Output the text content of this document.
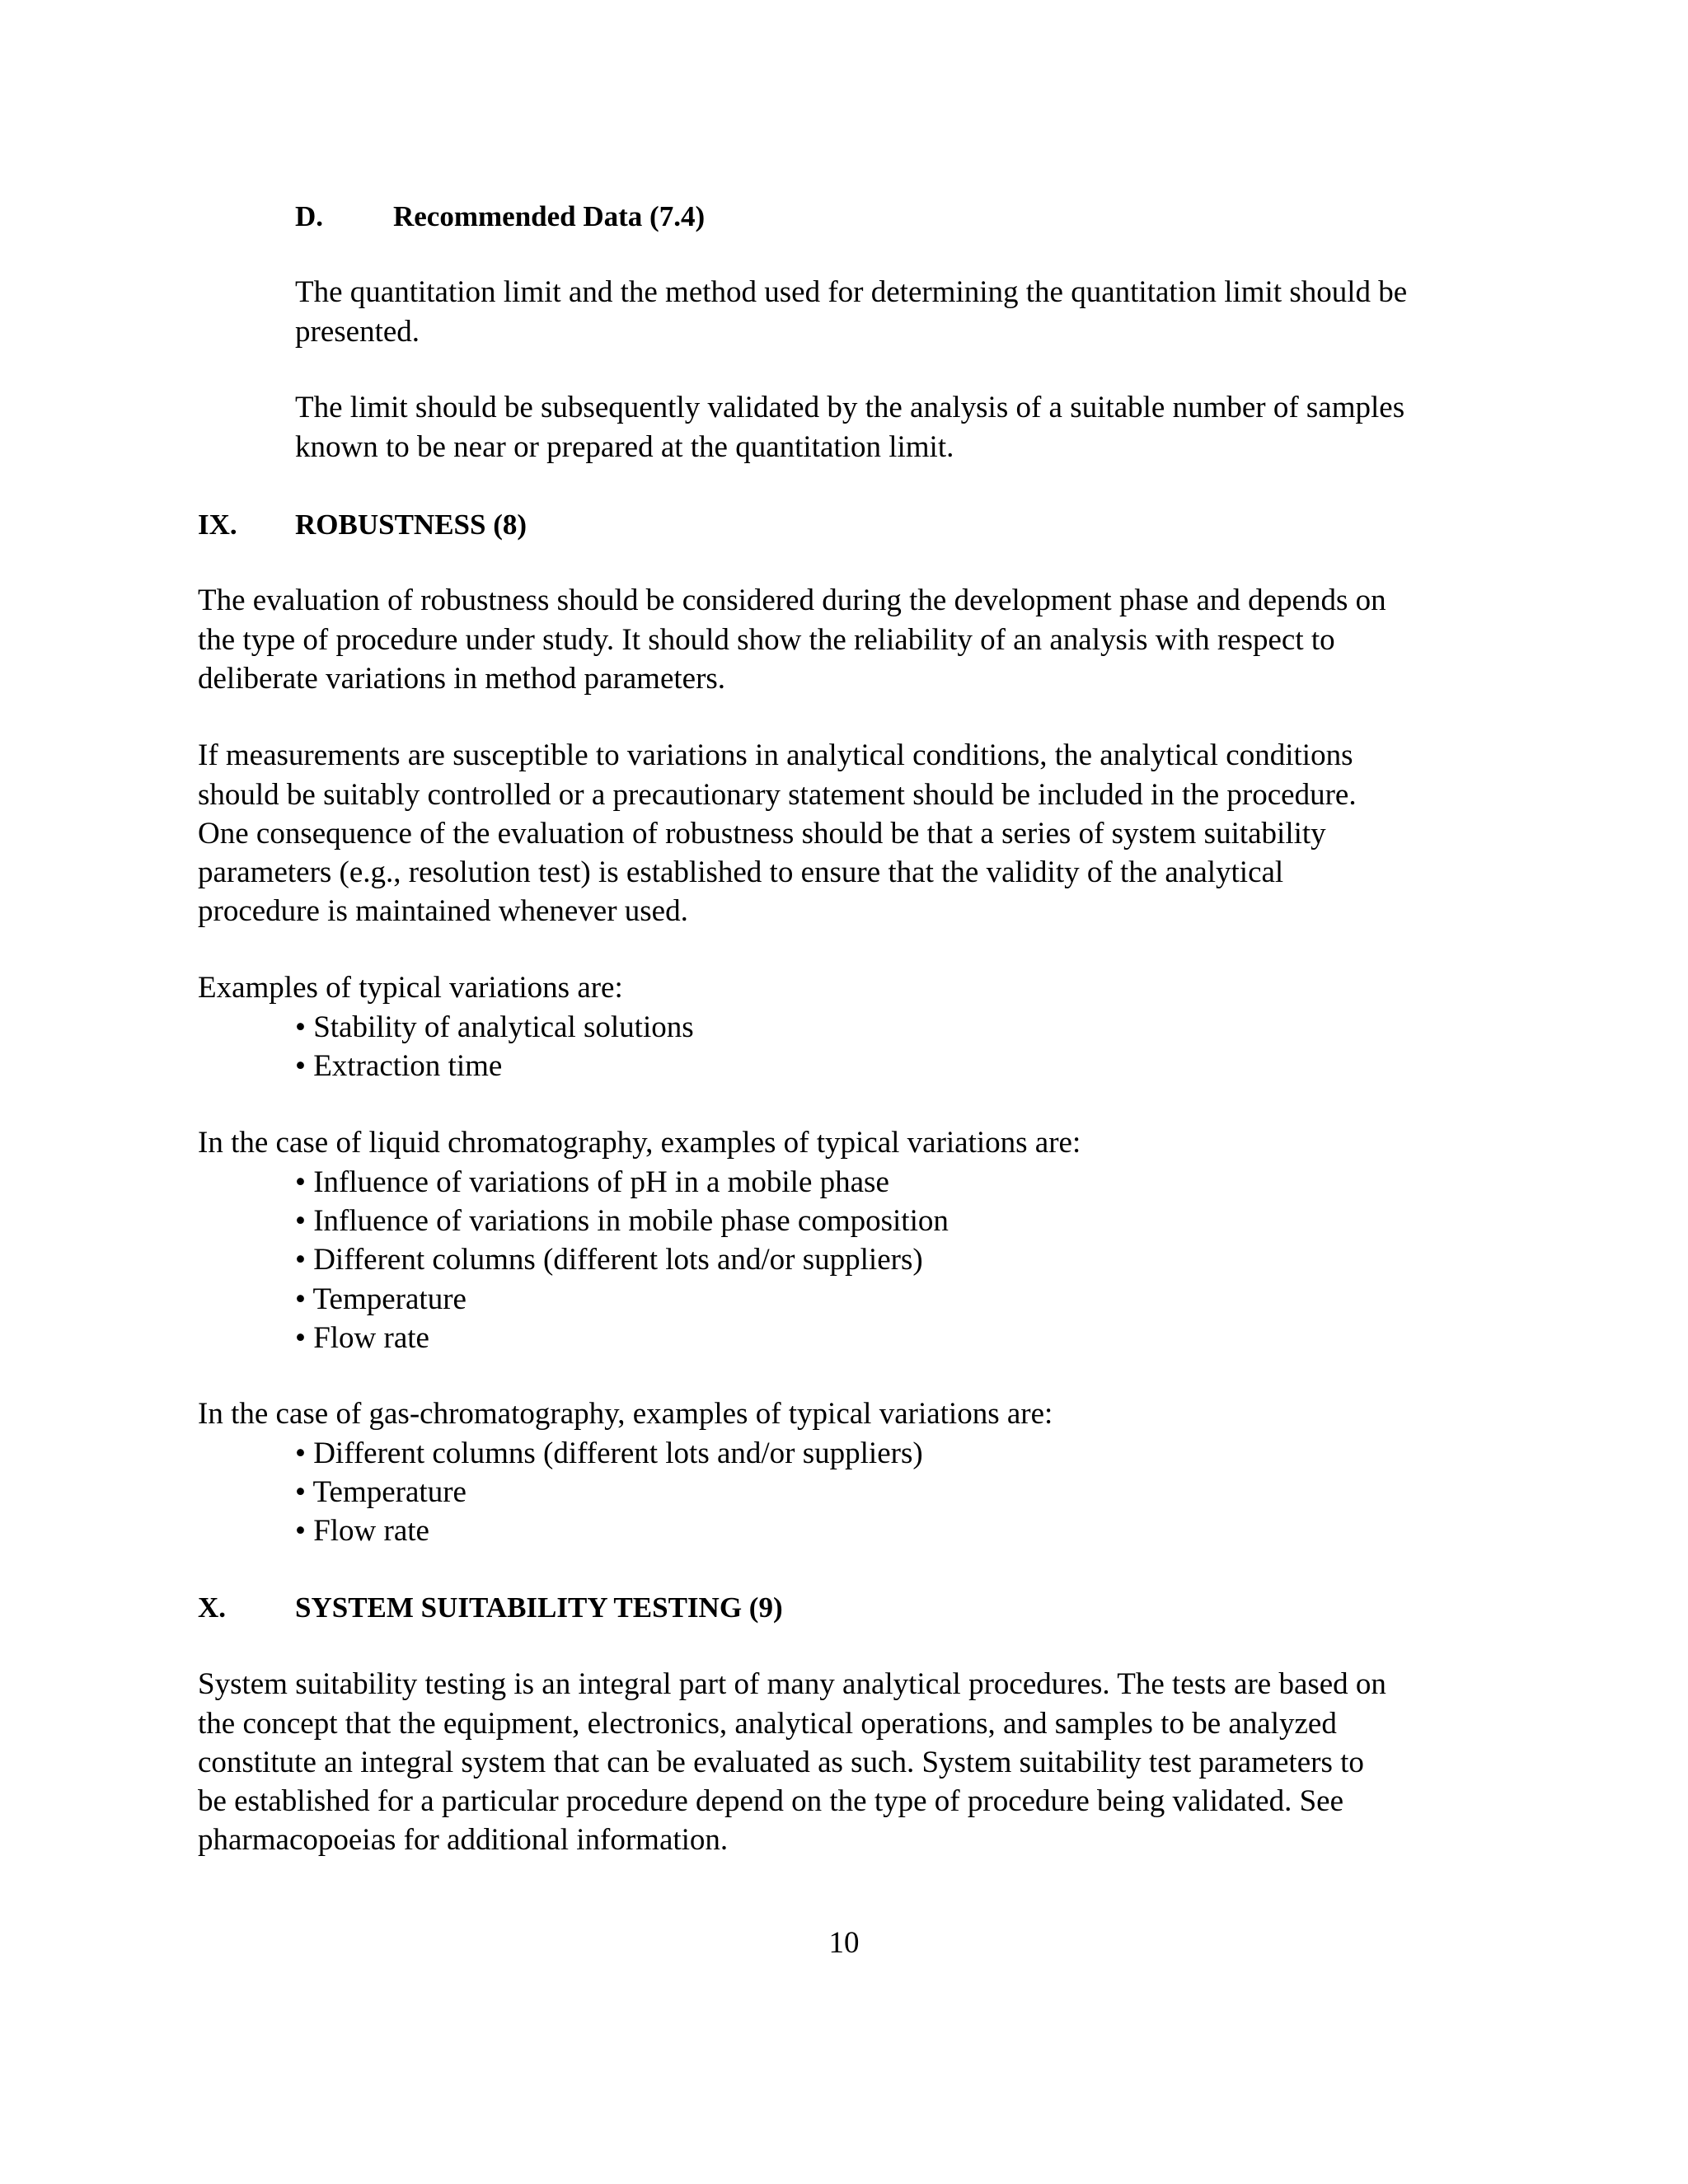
D. Recommended Data (7.4)

The quantitation limit and the method used for determining the quantitation limit should be

presented.

The limit should be subsequently validated by the analysis of a suitable number of samples

known to be near or prepared at the quantitation limit.

IX. ROBUSTNESS (8)

The evaluation of robustness should be considered during the development phase and depends on

the type of procedure under study. It should show the reliability of an analysis with respect to

deliberate variations in method parameters.

If measurements are susceptible to variations in analytical conditions, the analytical conditions

should be suitably controlled or a precautionary statement should be included in the procedure.

One consequence of the evaluation of robustness should be that a series of system suitability

parameters (e.g., resolution test) is established to ensure that the validity of the analytical

procedure is maintained whenever used.

Examples of typical variations are:

• Stability of analytical solutions

• Extraction time

In the case of liquid chromatography, examples of typical variations are:

• Influence of variations of pH in a mobile phase

• Influence of variations in mobile phase composition

• Different columns (different lots and/or suppliers)

• Temperature

• Flow rate

In the case of gas-chromatography, examples of typical variations are:

• Different columns (different lots and/or suppliers)

• Temperature

• Flow rate

X. SYSTEM SUITABILITY TESTING (9)

System suitability testing is an integral part of many analytical procedures. The tests are based on

the concept that the equipment, electronics, analytical operations, and samples to be analyzed

constitute an integral system that can be evaluated as such. System suitability test parameters to

be established for a particular procedure depend on the type of procedure being validated. See

pharmacopoeias for additional information.

10
